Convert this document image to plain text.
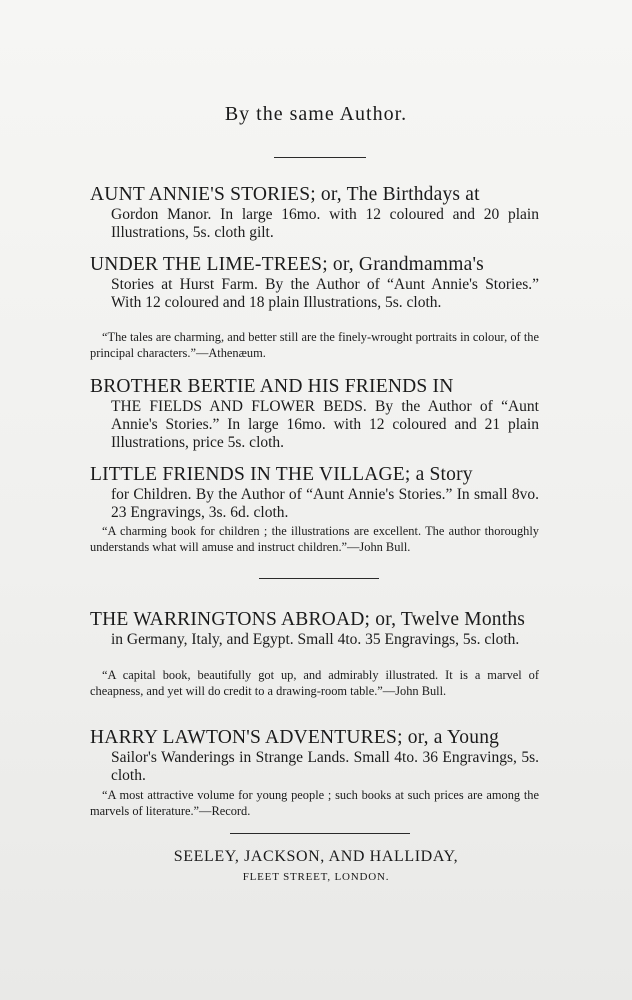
By the same Author.
AUNT ANNIE'S STORIES; or, The Birthdays at
Gordon Manor. In large 16mo. with 12 coloured and 20 plain Illustrations, 5s. cloth gilt.
UNDER THE LIME-TREES; or, Grandmamma's
Stories at Hurst Farm. By the Author of “Aunt Annie's Stories.” With 12 coloured and 18 plain Illustrations, 5s. cloth.
“The tales are charming, and better still are the finely-wrought portraits in colour, of the principal characters.”—Athenæum.
BROTHER BERTIE AND HIS FRIENDS IN
THE FIELDS AND FLOWER BEDS. By the Author of “Aunt Annie's Stories.” In large 16mo. with 12 coloured and 21 plain Illustrations, price 5s. cloth.
LITTLE FRIENDS IN THE VILLAGE; a Story
for Children. By the Author of “Aunt Annie's Stories.” In small 8vo. 23 Engravings, 3s. 6d. cloth.
“A charming book for children ; the illustrations are excellent. The author thoroughly understands what will amuse and instruct children.”—John Bull.
THE WARRINGTONS ABROAD; or, Twelve Months
in Germany, Italy, and Egypt. Small 4to. 35 Engravings, 5s. cloth.
“A capital book, beautifully got up, and admirably illustrated. It is a marvel of cheapness, and yet will do credit to a drawing-room table.”—John Bull.
HARRY LAWTON'S ADVENTURES; or, a Young
Sailor's Wanderings in Strange Lands. Small 4to. 36 Engravings, 5s. cloth.
“A most attractive volume for young people ; such books at such prices are among the marvels of literature.”—Record.
SEELEY, JACKSON, AND HALLIDAY,
FLEET STREET, LONDON.
